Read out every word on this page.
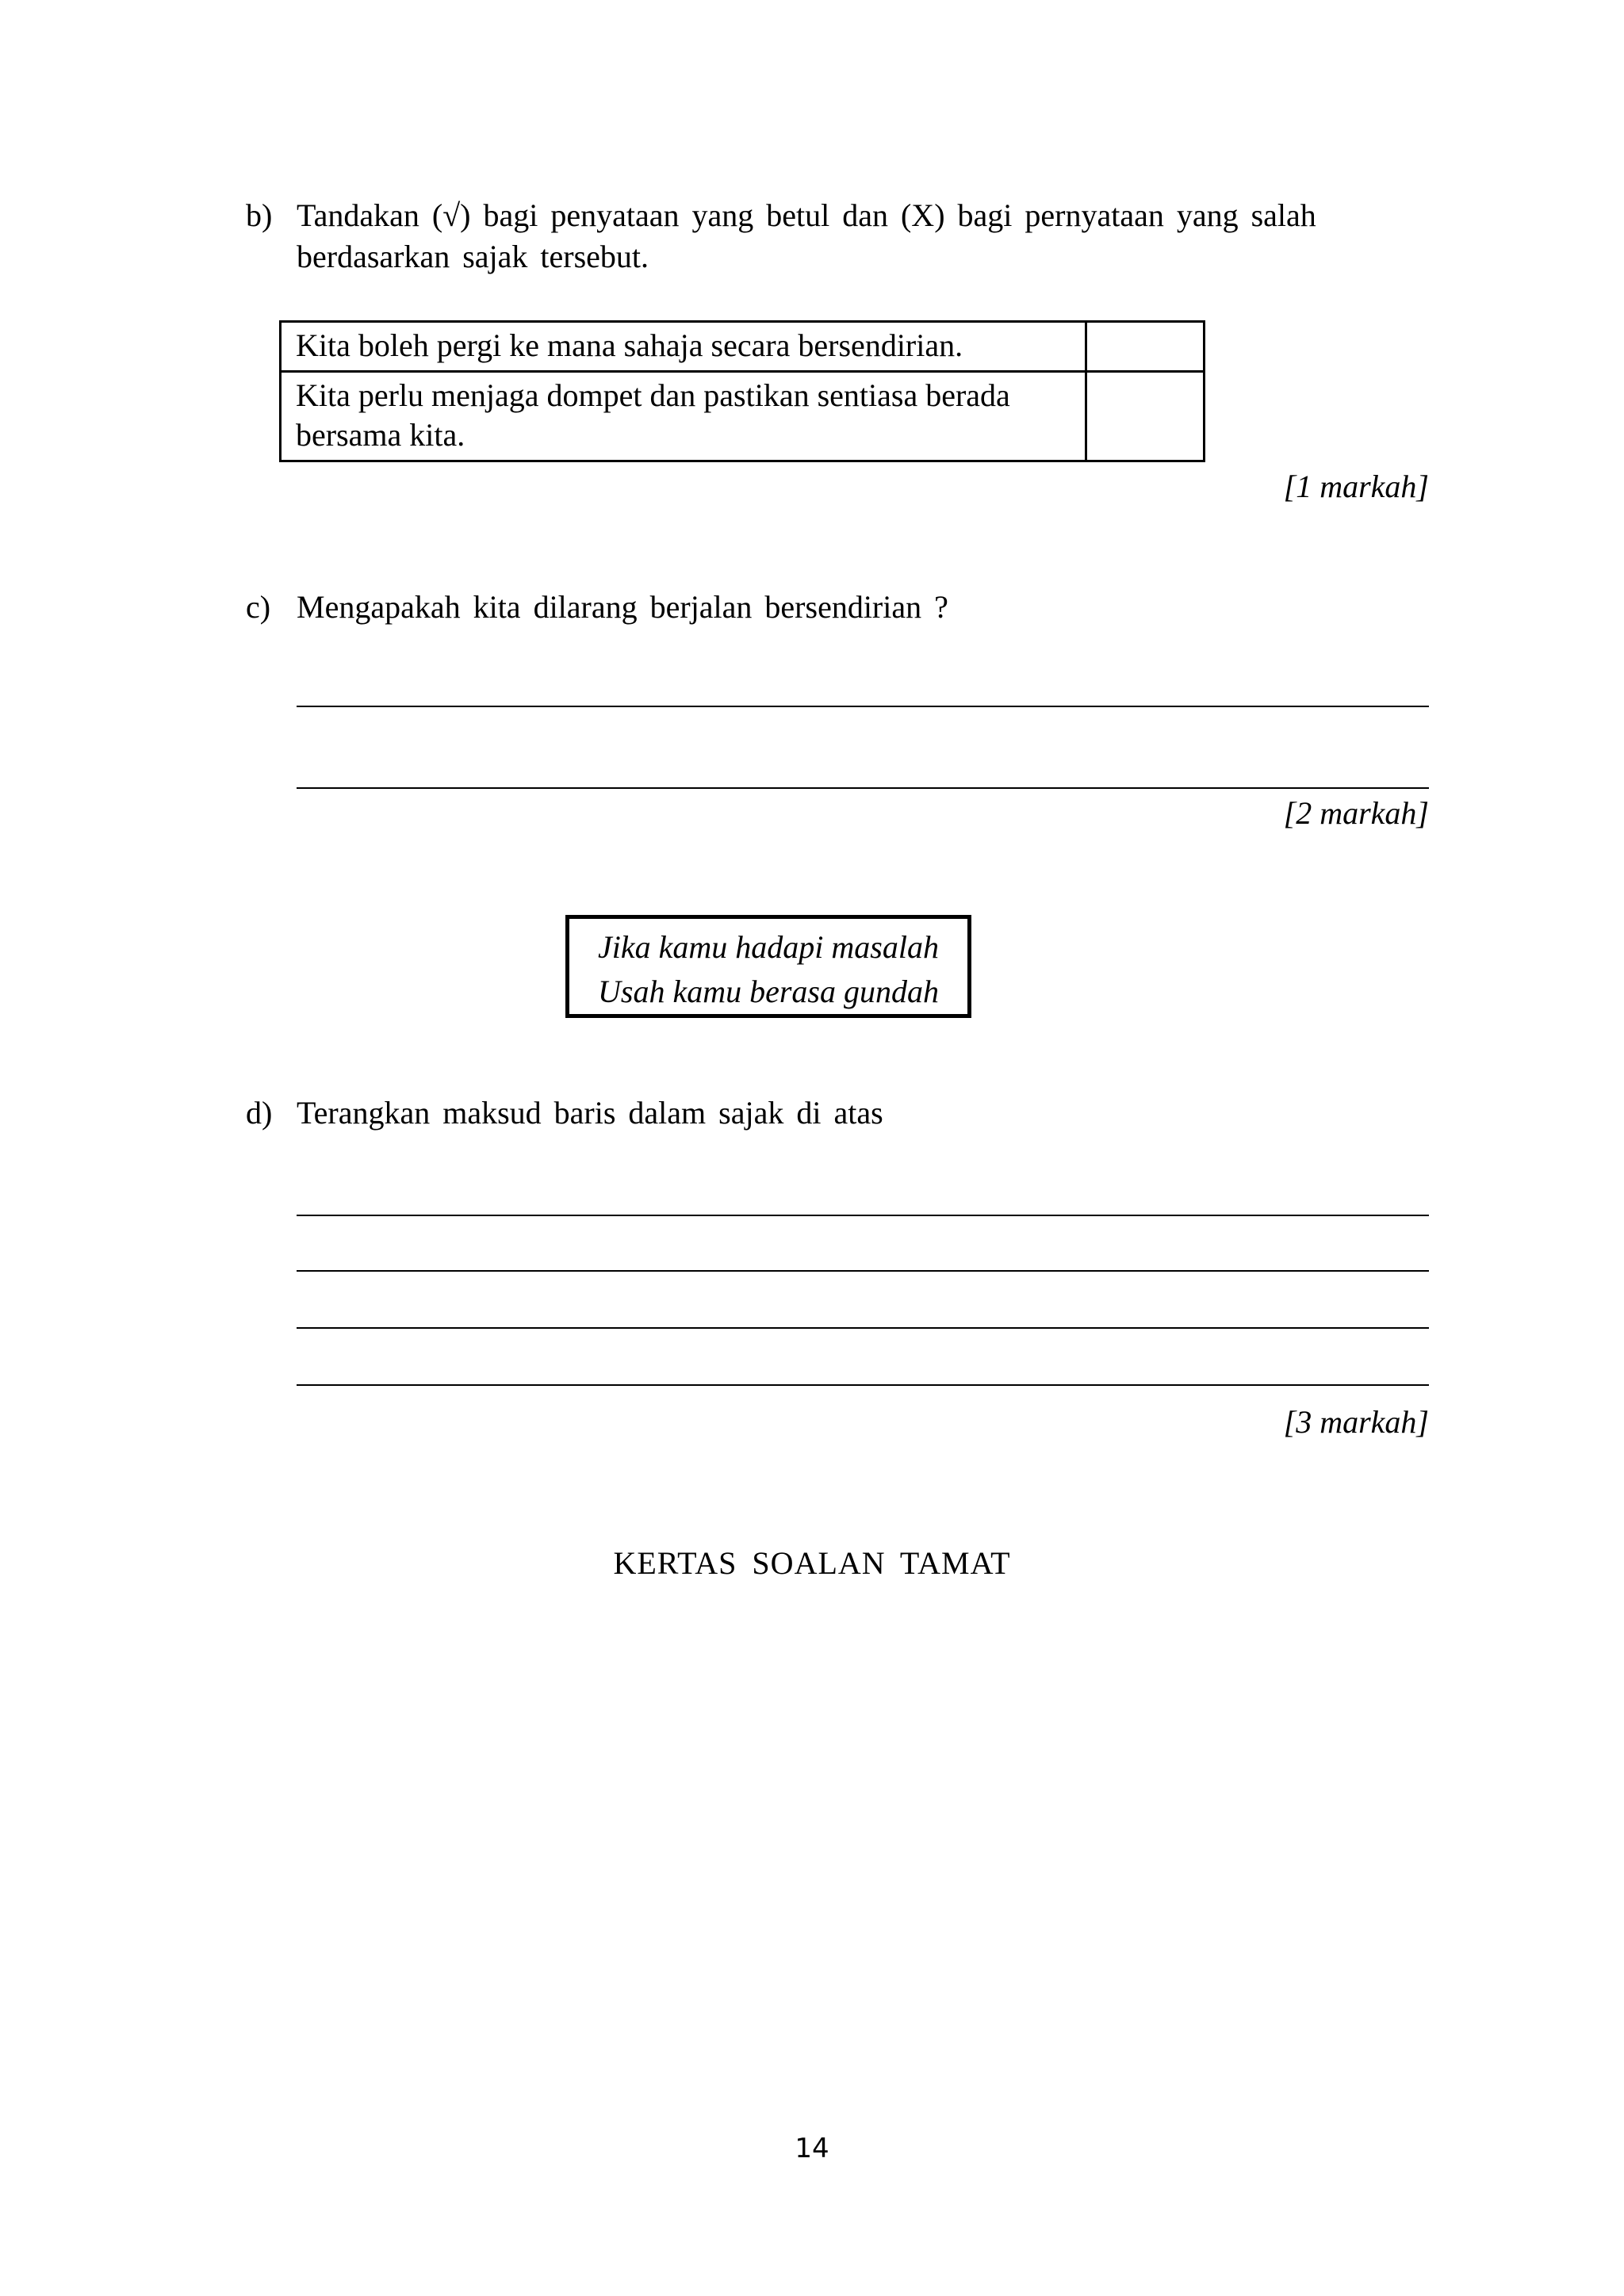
b) Tandakan (√) bagi penyataan yang betul dan (X) bagi pernyataan yang salah
berdasarkan sajak tersebut.
Kita boleh pergi ke mana sahaja secara bersendirian.	
Kita perlu menjaga dompet dan pastikan sentiasa berada bersama kita.	
[1 markah]
c) Mengapakah kita dilarang berjalan bersendirian ?
[2 markah]
Jika kamu hadapi masalah
Usah kamu berasa gundah
d) Terangkan maksud baris dalam sajak di atas
[3 markah]
KERTAS SOALAN TAMAT
14
